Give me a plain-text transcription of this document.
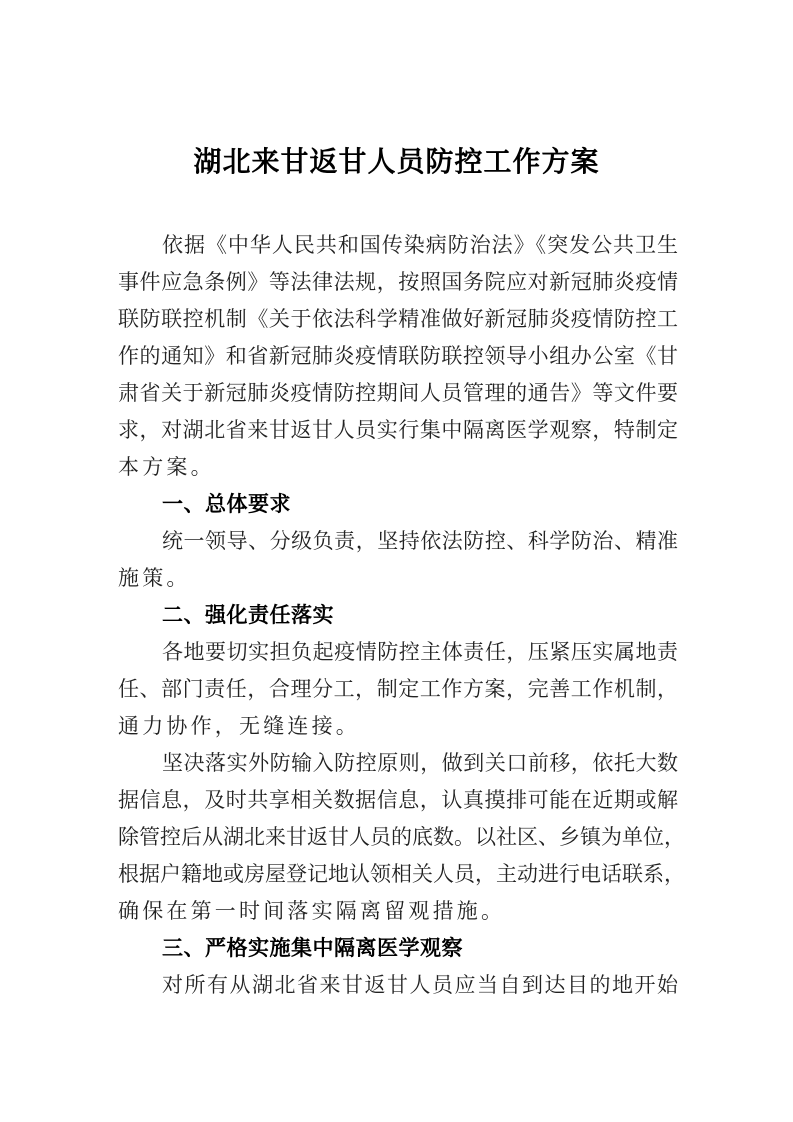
湖北来甘返甘人员防控工作方案
依据《中华人民共和国传染病防治法》《突发公共卫生
事件应急条例》等法律法规，按照国务院应对新冠肺炎疫情
联防联控机制《关于依法科学精准做好新冠肺炎疫情防控工
作的通知》和省新冠肺炎疫情联防联控领导小组办公室《甘
肃省关于新冠肺炎疫情防控期间人员管理的通告》等文件要
求，对湖北省来甘返甘人员实行集中隔离医学观察，特制定
本方案。
一、总体要求
统一领导、分级负责，坚持依法防控、科学防治、精准
施策。
二、强化责任落实
各地要切实担负起疫情防控主体责任，压紧压实属地责
任、部门责任，合理分工，制定工作方案，完善工作机制，
通力协作，无缝连接。
坚决落实外防输入防控原则，做到关口前移，依托大数
据信息，及时共享相关数据信息，认真摸排可能在近期或解
除管控后从湖北来甘返甘人员的底数。以社区、乡镇为单位，
根据户籍地或房屋登记地认领相关人员，主动进行电话联系，
确保在第一时间落实隔离留观措施。
三、严格实施集中隔离医学观察
对所有从湖北省来甘返甘人员应当自到达目的地开始
